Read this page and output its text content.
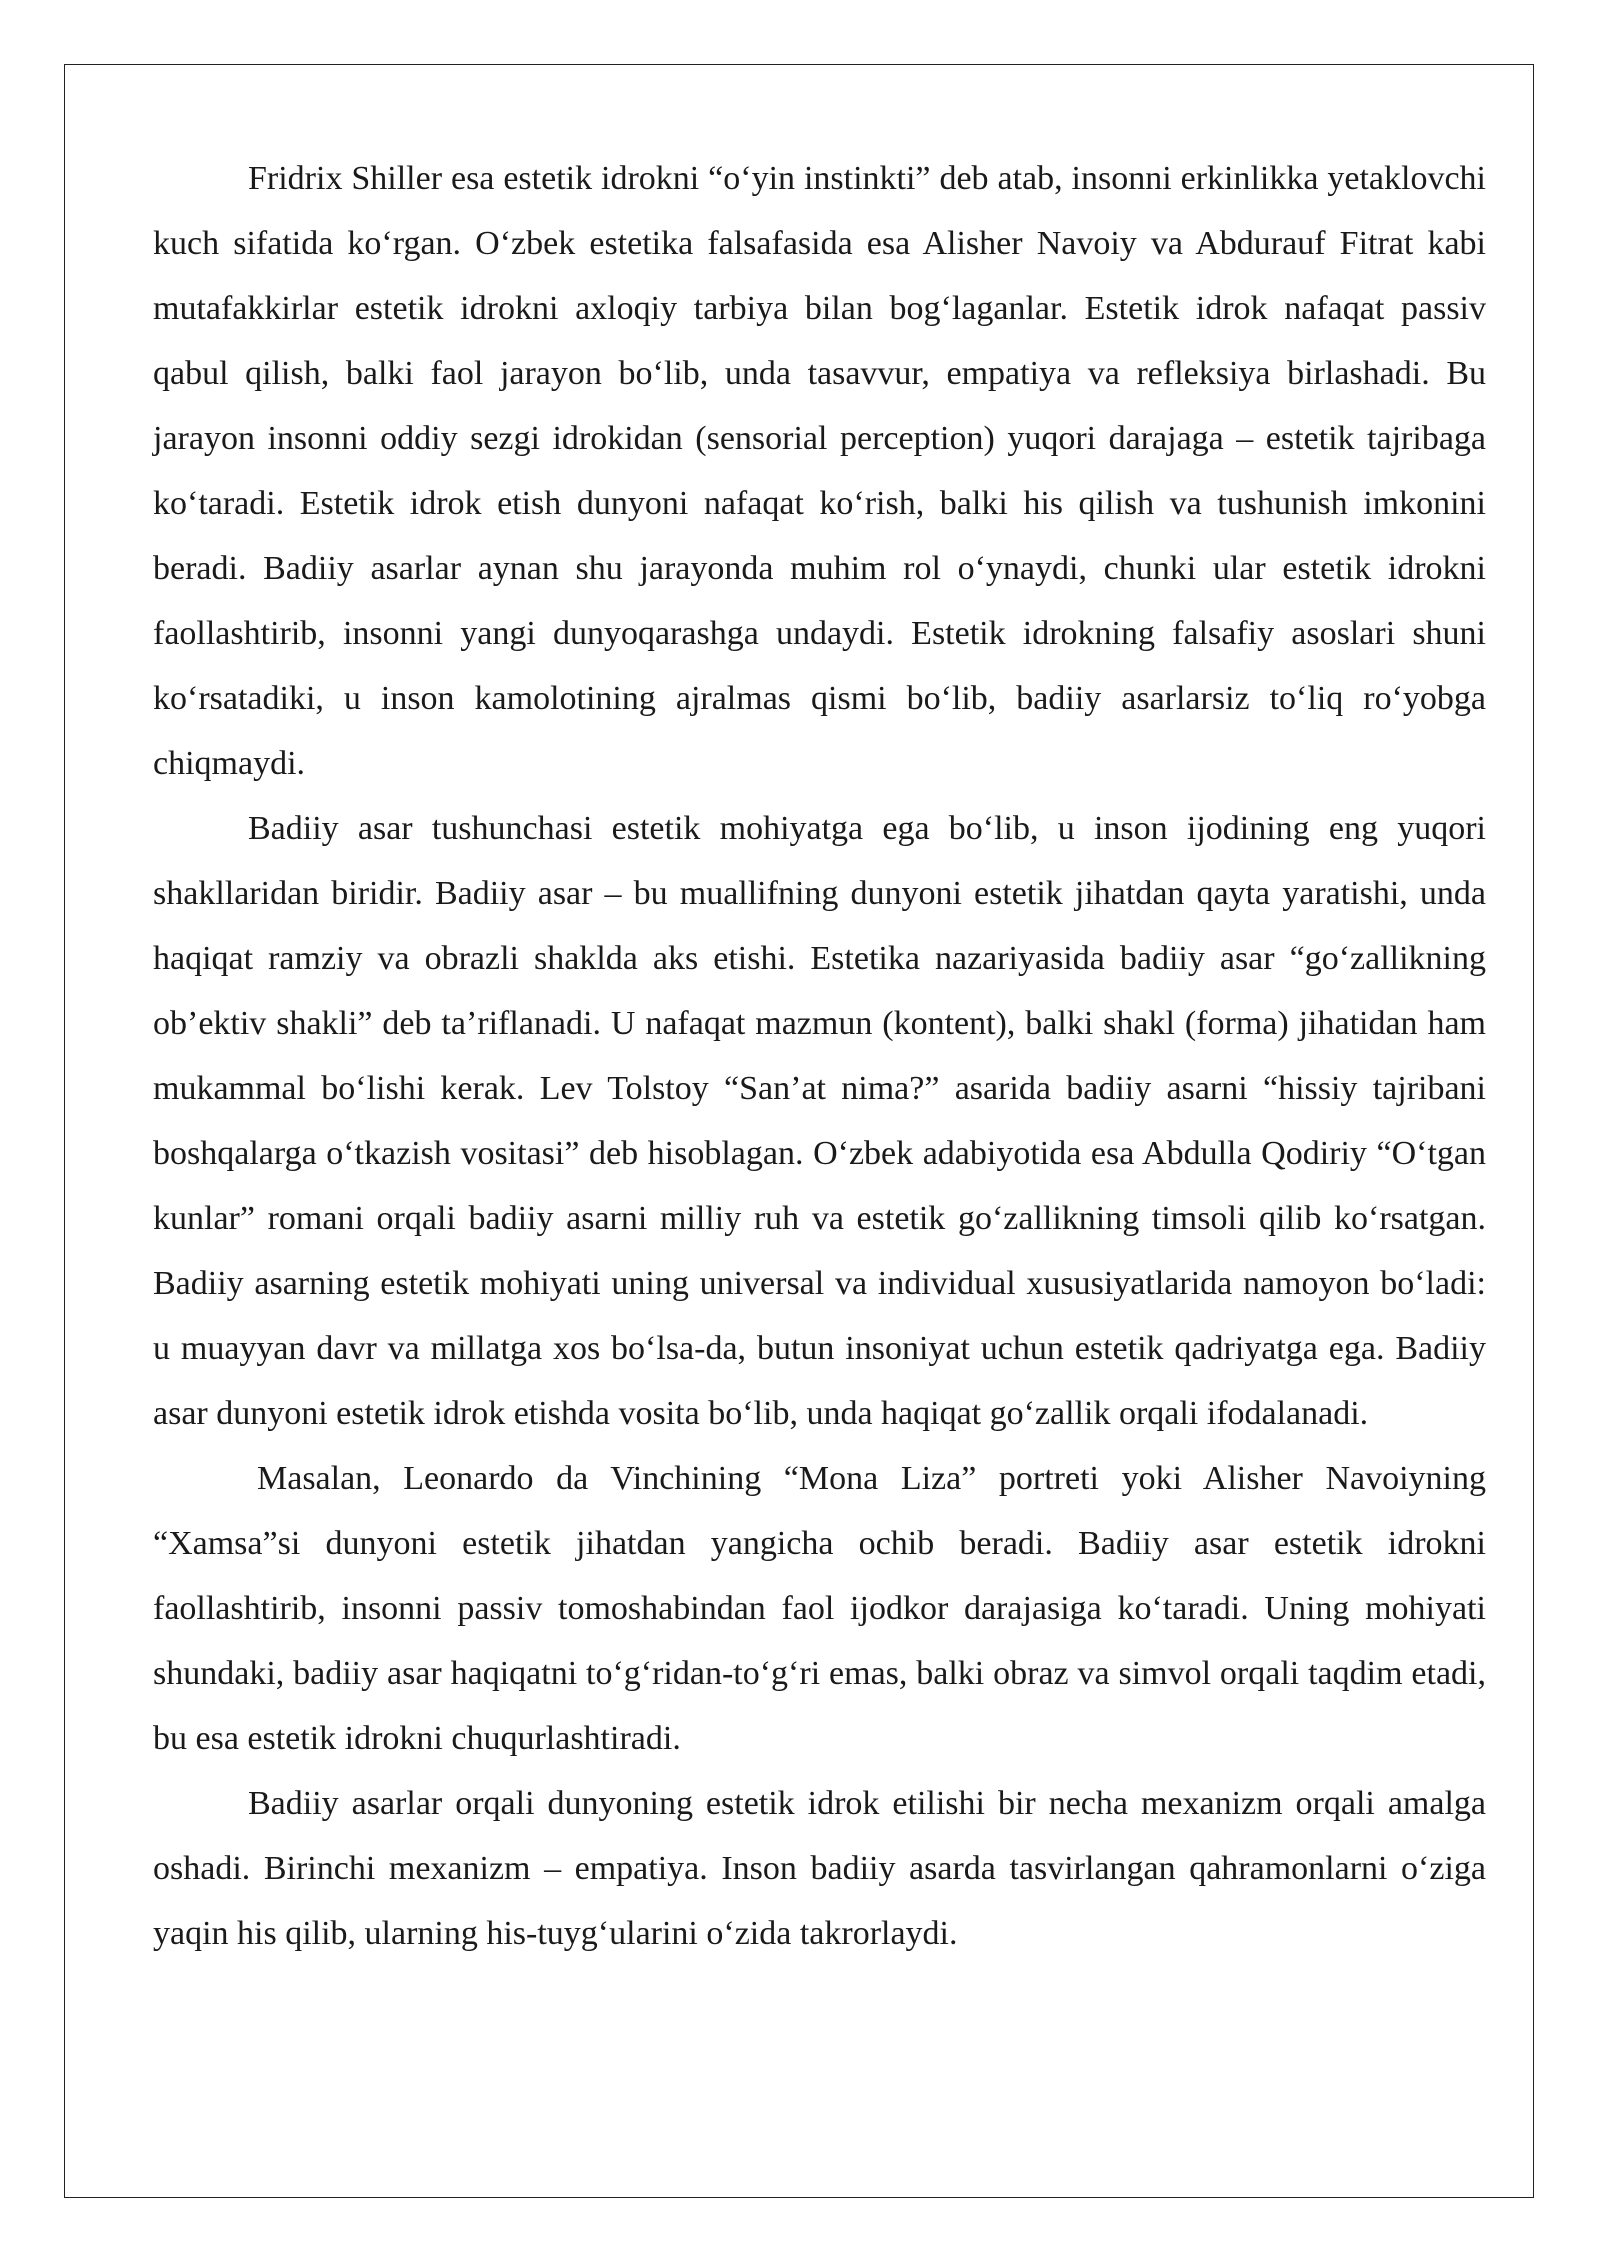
Fridrix Shiller esa estetik idrokni “o‘yin instinkti” deb atab, insonni erkinlikka yetaklovchi kuch sifatida ko‘rgan. O‘zbek estetika falsafasida esa Alisher Navoiy va Abdurauf Fitrat kabi mutafakkirlar estetik idrokni axloqiy tarbiya bilan bog‘laganlar. Estetik idrok nafaqat passiv qabul qilish, balki faol jarayon bo‘lib, unda tasavvur, empatiya va refleksiya birlashadi. Bu jarayon insonni oddiy sezgi idrokidan (sensorial perception) yuqori darajaga – estetik tajribaga ko‘taradi. Estetik idrok etish dunyoni nafaqat ko‘rish, balki his qilish va tushunish imkonini beradi. Badiiy asarlar aynan shu jarayonda muhim rol o‘ynaydi, chunki ular estetik idrokni faollashtirib, insonni yangi dunyoqarashga undaydi. Estetik idrokning falsafiy asoslari shuni ko‘rsatadiki, u inson kamolotining ajralmas qismi bo‘lib, badiiy asarlarsiz to‘liq ro‘yobga chiqmaydi.

Badiiy asar tushunchasi estetik mohiyatga ega bo‘lib, u inson ijodining eng yuqori shakllaridan biridir. Badiiy asar – bu muallifning dunyoni estetik jihatdan qayta yaratishi, unda haqiqat ramziy va obrazli shaklda aks etishi. Estetika nazariyasida badiiy asar “go‘zallikning ob’ektiv shakli” deb ta’riflanadi. U nafaqat mazmun (kontent), balki shakl (forma) jihatidan ham mukammal bo‘lishi kerak. Lev Tolstoy “San’at nima?” asarida badiiy asarni “hissiy tajribani boshqalarga o‘tkazish vositasi” deb hisoblagan. O‘zbek adabiyotida esa Abdulla Qodiriy “O‘tgan kunlar” romani orqali badiiy asarni milliy ruh va estetik go‘zallikning timsoli qilib ko‘rsatgan. Badiiy asarning estetik mohiyati uning universal va individual xususiyatlarida namoyon bo‘ladi: u muayyan davr va millatga xos bo‘lsa-da, butun insoniyat uchun estetik qadriyatga ega. Badiiy asar dunyoni estetik idrok etishda vosita bo‘lib, unda haqiqat go‘zallik orqali ifodalanadi.

Masalan, Leonardo da Vinchining “Mona Liza” portreti yoki Alisher Navoiyning “Xamsa”si dunyoni estetik jihatdan yangicha ochib beradi. Badiiy asar estetik idrokni faollashtirib, insonni passiv tomoshabindan faol ijodkor darajasiga ko‘taradi. Uning mohiyati shundaki, badiiy asar haqiqatni to‘g‘ridan-to‘g‘ri emas, balki obraz va simvol orqali taqdim etadi, bu esa estetik idrokni chuqurlashtiradi.

Badiiy asarlar orqali dunyoning estetik idrok etilishi bir necha mexanizm orqali amalga oshadi. Birinchi mexanizm – empatiya. Inson badiiy asarda tasvirlangan qahramonlarni o‘ziga yaqin his qilib, ularning his-tuyg‘ularini o‘zida takrorlaydi.
